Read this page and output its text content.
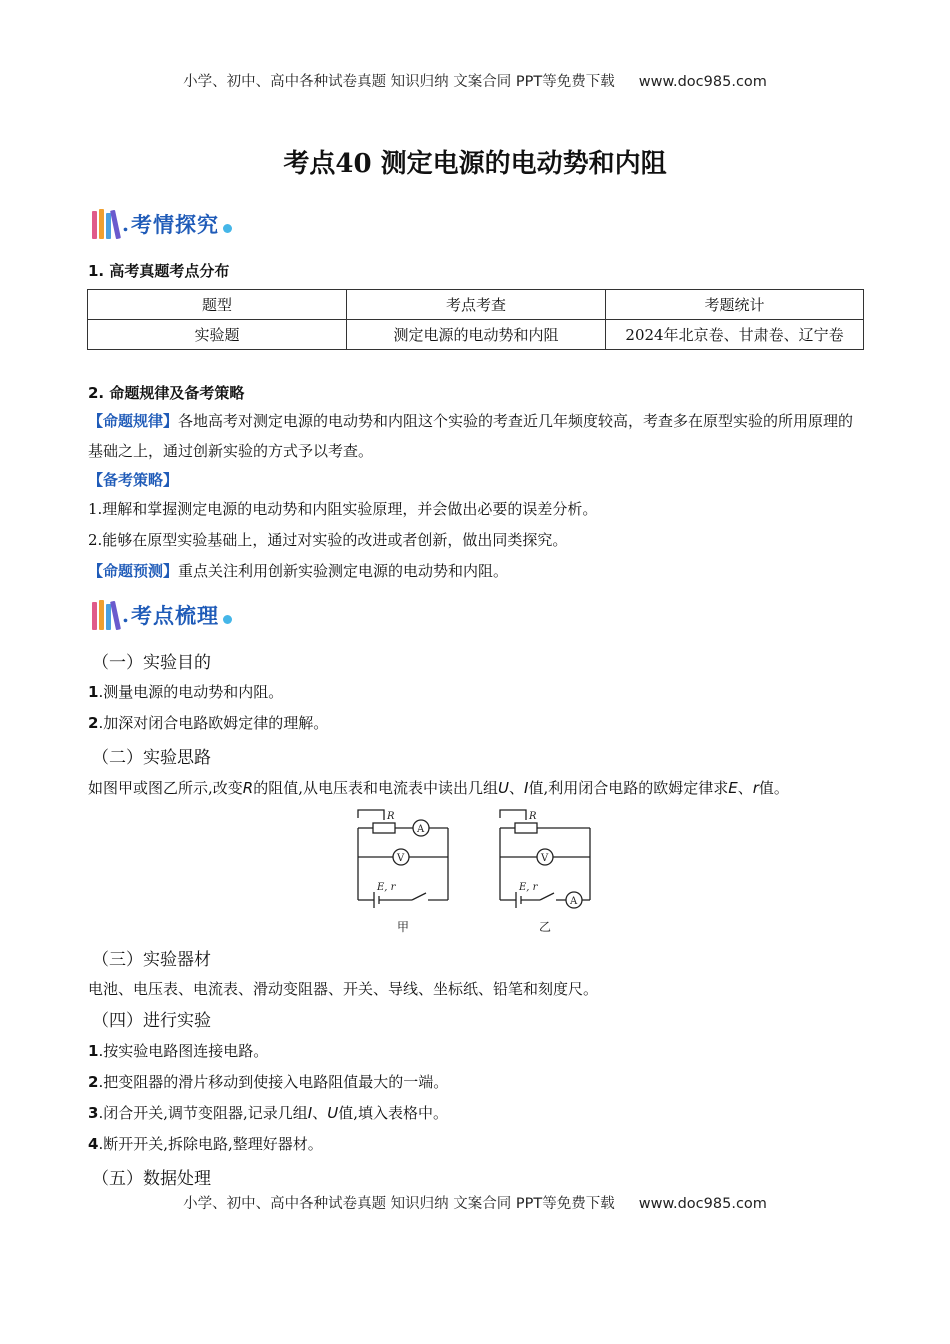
小学、初中、高中各种试卷真题 知识归纳 文案合同 PPT等免费下载 www.doc985.com
考点40 测定电源的电动势和内阻
. 考情探究
1. 高考真题考点分布
题型	考点考查	考题统计
实验题	测定电源的电动势和内阻	2024年北京卷、甘肃卷、辽宁卷
2. 命题规律及备考策略
【命题规律】各地高考对测定电源的电动势和内阻这个实验的考查近几年频度较高，考查多在原型实验的所用原理的基础之上，通过创新实验的方式予以考查。
【备考策略】
1.理解和掌握测定电源的电动势和内阻实验原理，并会做出必要的误差分析。
2.能够在原型实验基础上，通过对实验的改进或者创新，做出同类探究。
【命题预测】重点关注利用创新实验测定电源的电动势和内阻。
. 考点梳理
（一）实验目的
1.测量电源的电动势和内阻。
2.加深对闭合电路欧姆定律的理解。
（二）实验思路
如图甲或图乙所示,改变R的阻值,从电压表和电流表中读出几组U、I值,利用闭合电路的欧姆定律求E、r值。
R
A
V
E, r
甲
R
V
A
E, r
乙
（三）实验器材
电池、电压表、电流表、滑动变阻器、开关、导线、坐标纸、铅笔和刻度尺。
（四）进行实验
1.按实验电路图连接电路。
2.把变阻器的滑片移动到使接入电路阻值最大的一端。
3.闭合开关,调节变阻器,记录几组I、U值,填入表格中。
4.断开开关,拆除电路,整理好器材。
（五）数据处理
小学、初中、高中各种试卷真题 知识归纳 文案合同 PPT等免费下载 www.doc985.com
